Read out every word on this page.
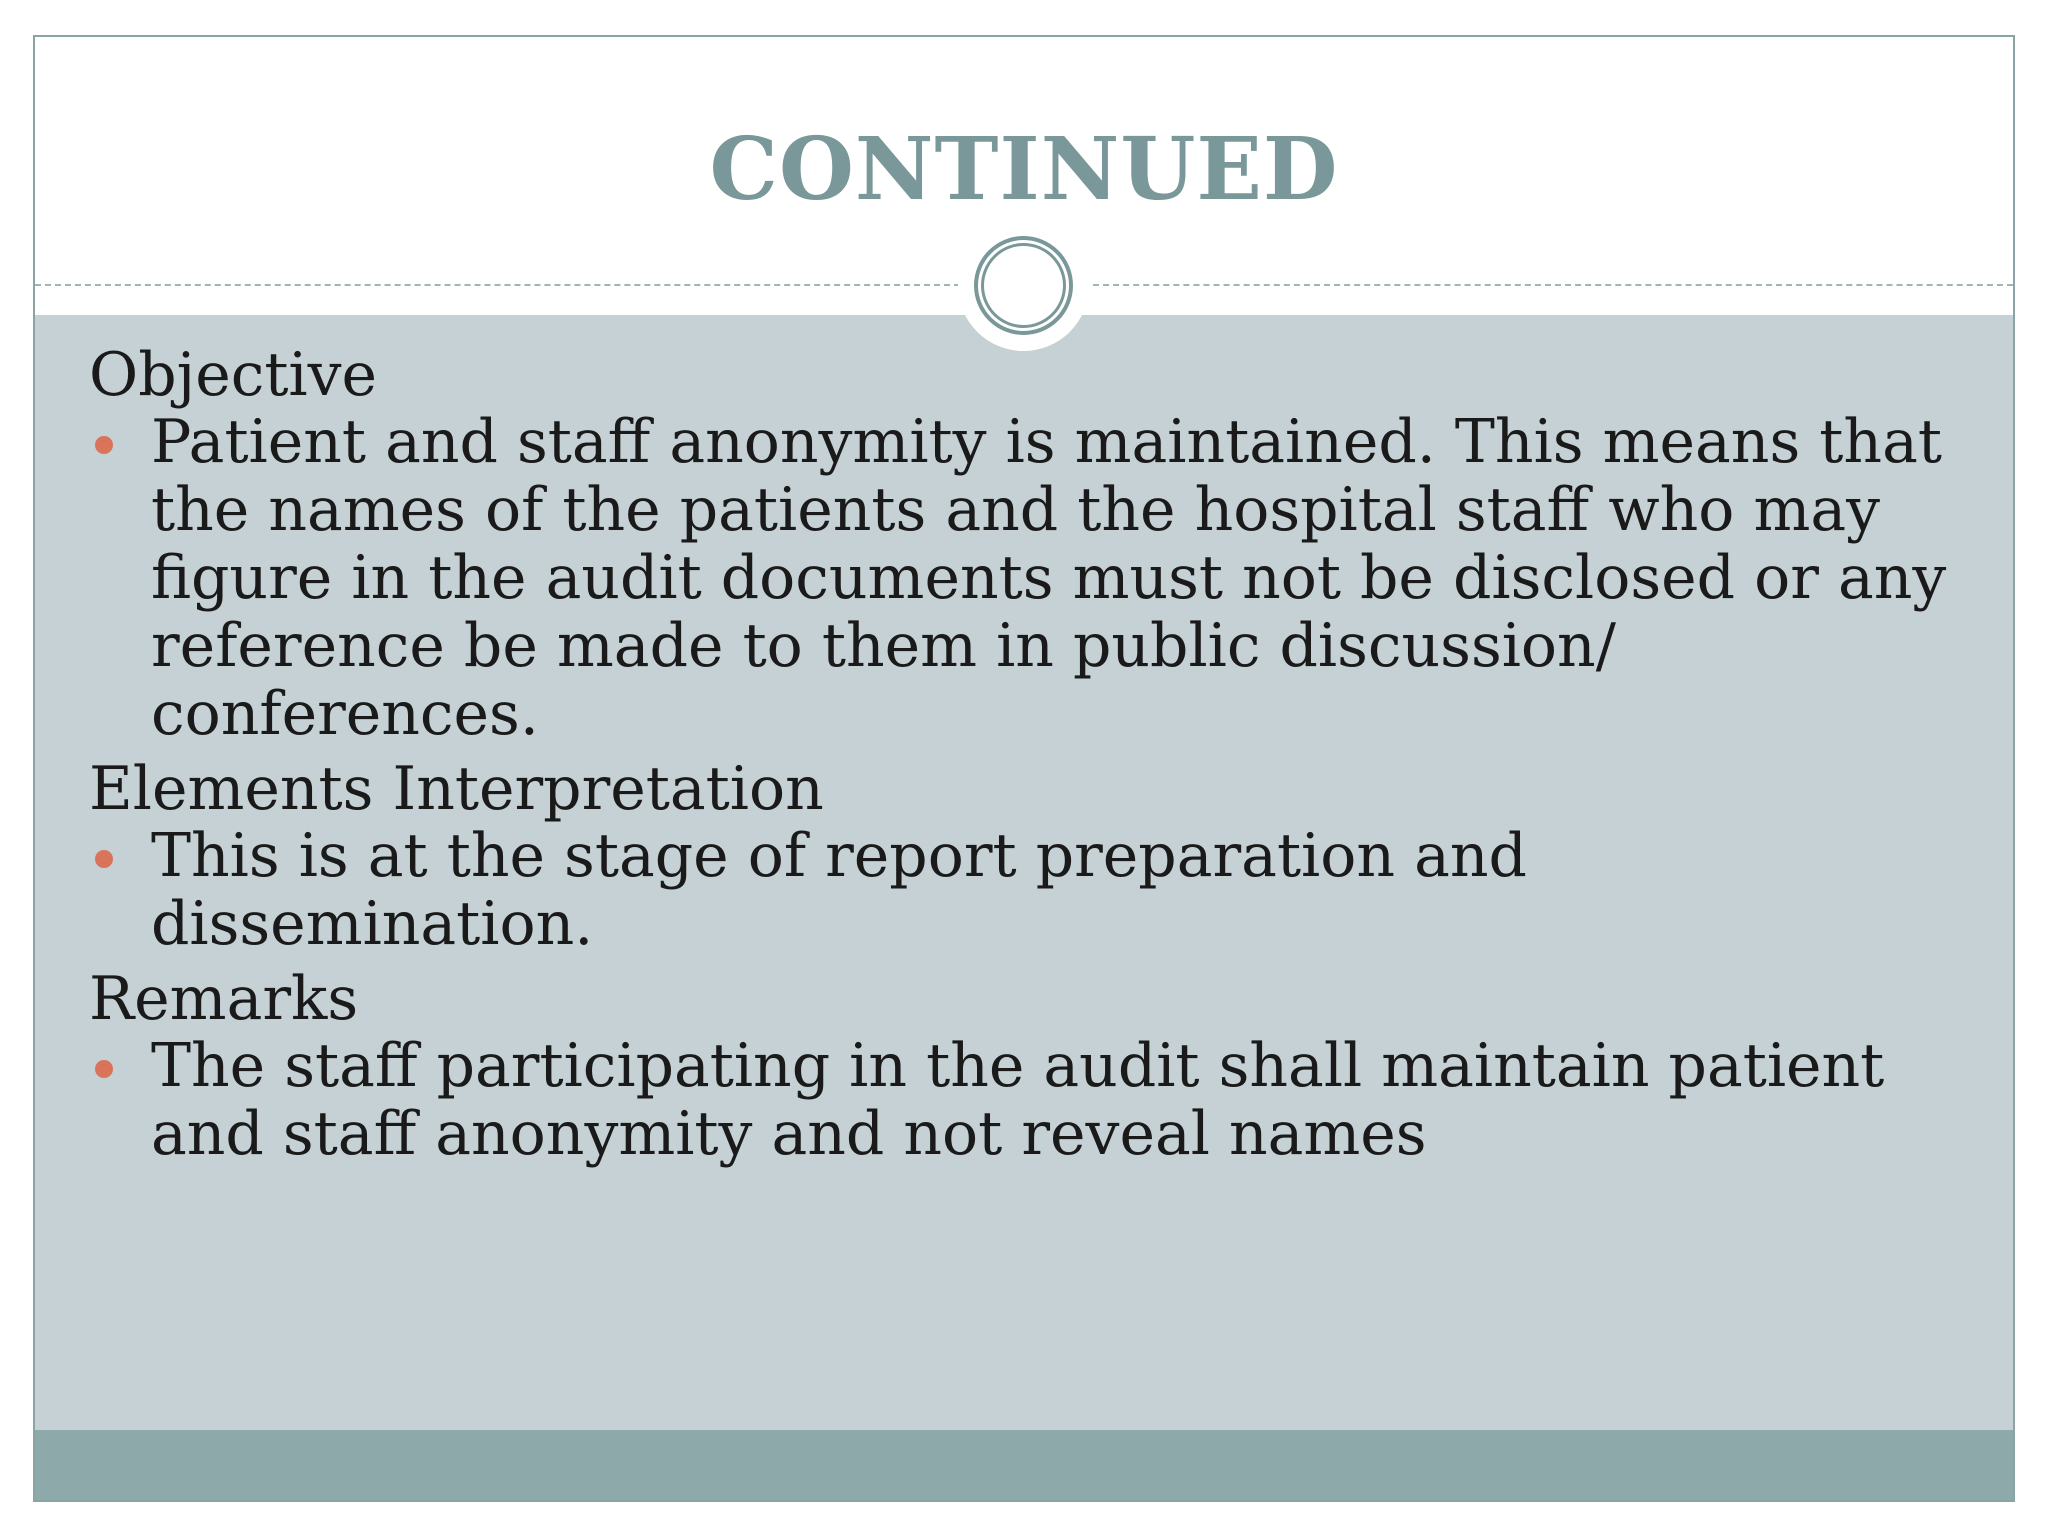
CONTINUED

Objective

Patient and staff anonymity is maintained. This means that the names of the patients and the hospital staff who may figure in the audit documents must not be disclosed or any reference be made to them in public discussion/ conferences.

Elements Interpretation

This is at the stage of report preparation and dissemination.

Remarks

The staff participating in the audit shall maintain patient and staff anonymity and not reveal names
